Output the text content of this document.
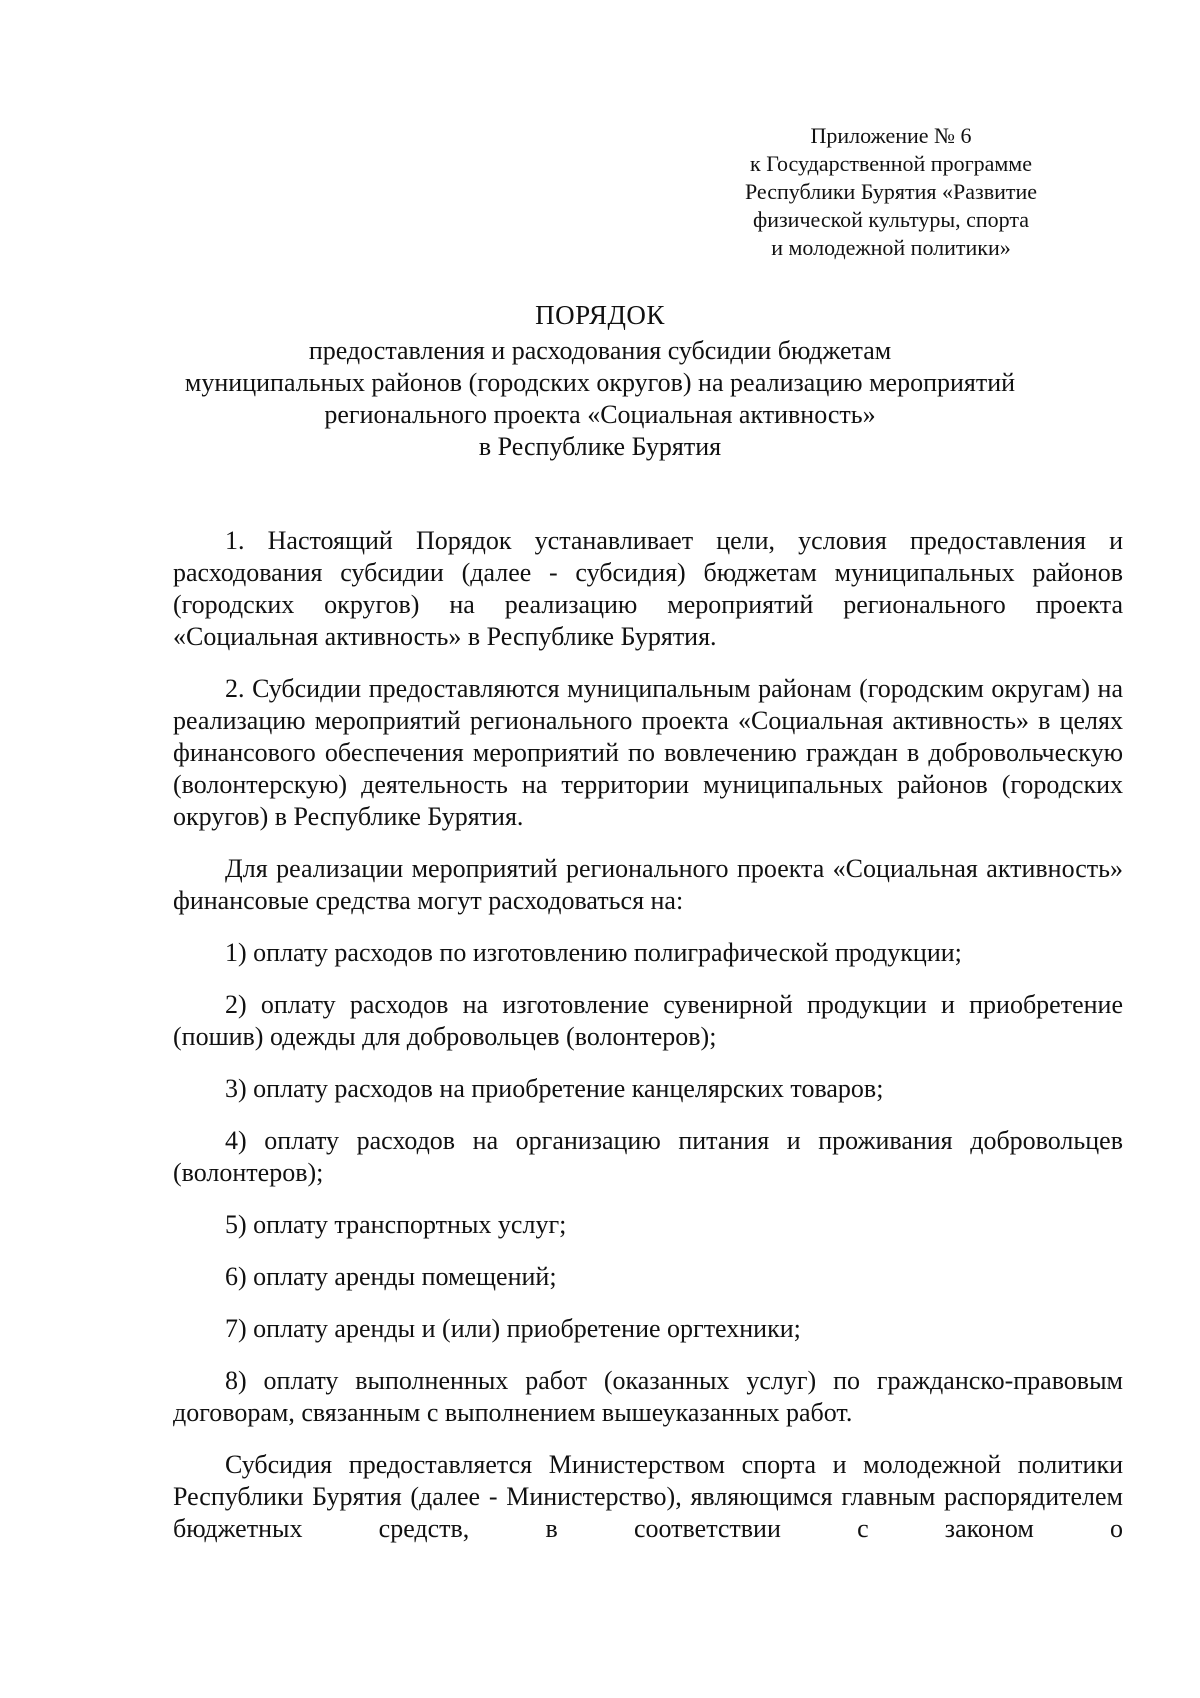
Приложение № 6
к Государственной программе
Республики Бурятия «Развитие
физической культуры, спорта
и молодежной политики»
ПОРЯДОК
предоставления и расходования субсидии бюджетам
муниципальных районов (городских округов) на реализацию мероприятий
регионального проекта «Социальная активность»
в Республике Бурятия

1. Настоящий Порядок устанавливает цели, условия предоставления и расходования субсидии (далее - субсидия) бюджетам муниципальных районов (городских округов) на реализацию мероприятий регионального проекта «Социальная активность» в Республике Бурятия.

2. Субсидии предоставляются муниципальным районам (городским округам) на реализацию мероприятий регионального проекта «Социальная активность» в целях финансового обеспечения мероприятий по вовлечению граждан в добровольческую (волонтерскую) деятельность на территории муниципальных районов (городских округов) в Республике Бурятия.

Для реализации мероприятий регионального проекта «Социальная активность» финансовые средства могут расходоваться на:

1) оплату расходов по изготовлению полиграфической продукции;

2) оплату расходов на изготовление сувенирной продукции и приобретение (пошив) одежды для добровольцев (волонтеров);

3) оплату расходов на приобретение канцелярских товаров;

4) оплату расходов на организацию питания и проживания добровольцев (волонтеров);

5) оплату транспортных услуг;

6) оплату аренды помещений;

7) оплату аренды и (или) приобретение оргтехники;

8) оплату выполненных работ (оказанных услуг) по гражданско-правовым договорам, связанным с выполнением вышеуказанных работ.

Субсидия предоставляется Министерством спорта и молодежной политики Республики Бурятия (далее - Министерство), являющимся главным распорядителем бюджетных средств, в соответствии с законом о
